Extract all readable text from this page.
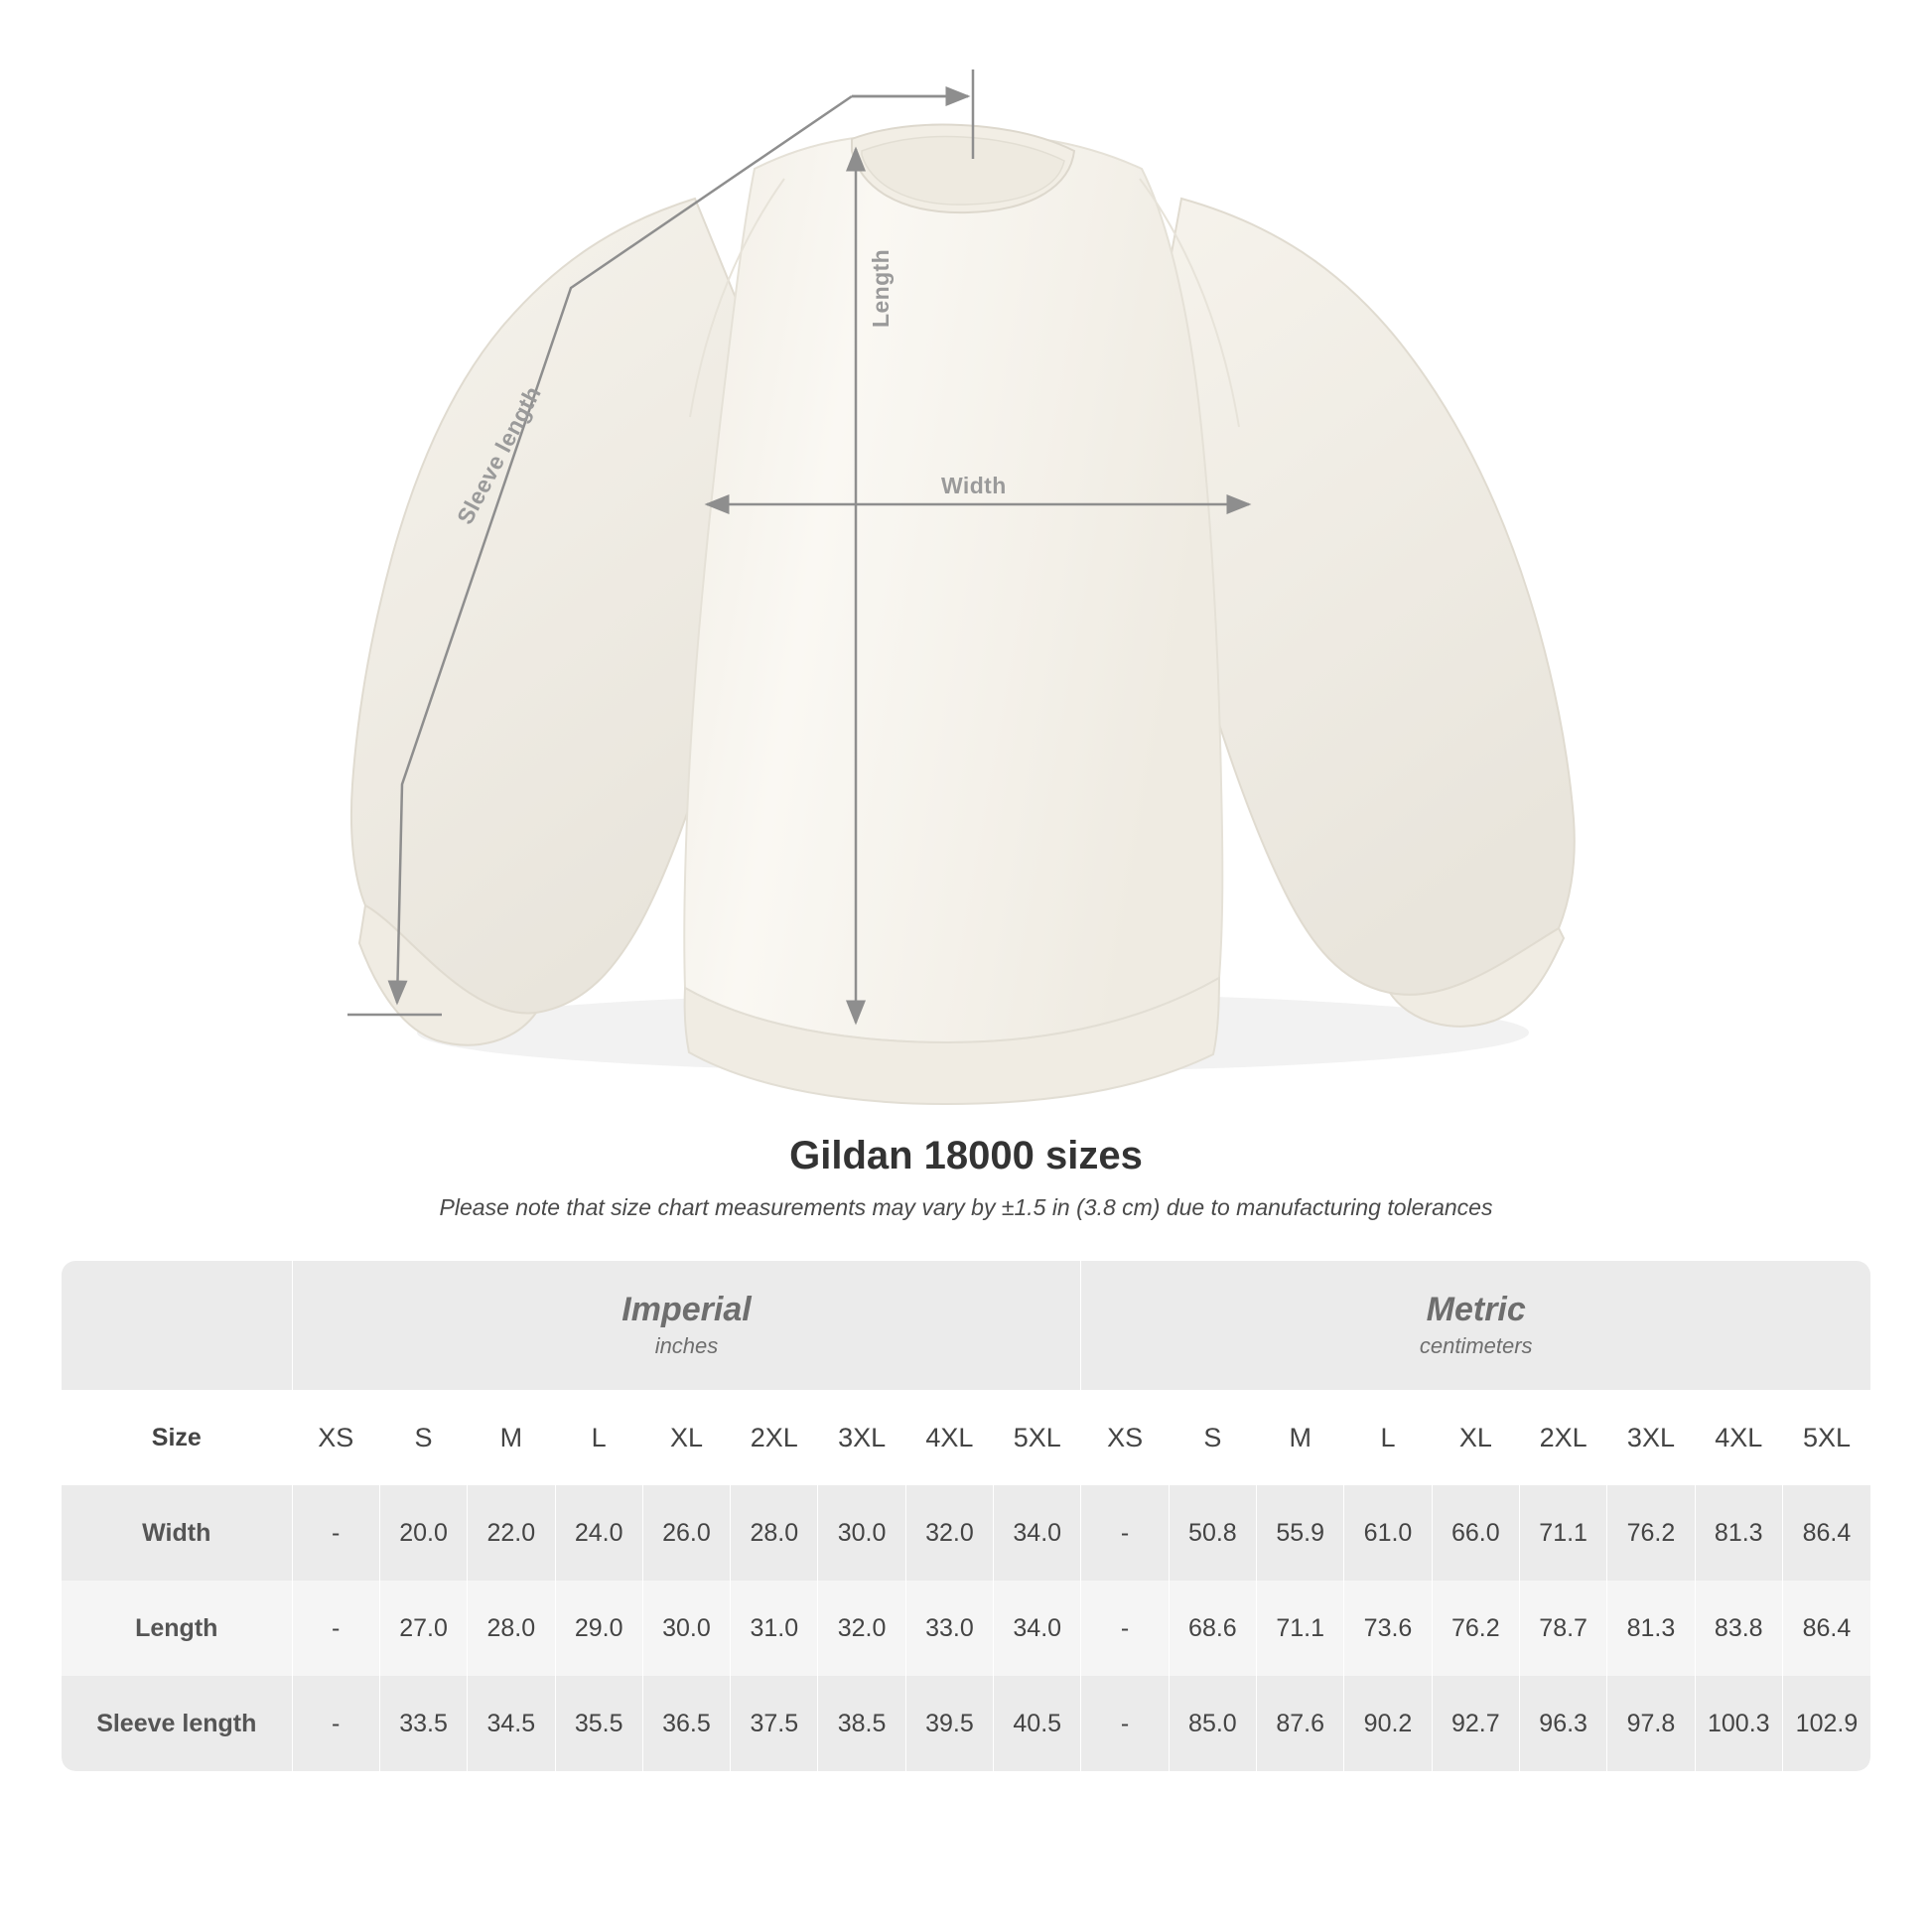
Length
Width
Sleeve length
Gildan 18000 sizes

Please note that size chart measurements may vary by ±1.5 in (3.8 cm) due to manufacturing tolerances

	Imperial
inches									Metric
centimeters								

Size	XS	S	M	L	XL	2XL	3XL	4XL	5XL	XS	S	M	L	XL	2XL	3XL	4XL	5XL
Width	-	20.0	22.0	24.0	26.0	28.0	30.0	32.0	34.0	-	50.8	55.9	61.0	66.0	71.1	76.2	81.3	86.4
Length	-	27.0	28.0	29.0	30.0	31.0	32.0	33.0	34.0	-	68.6	71.1	73.6	76.2	78.7	81.3	83.8	86.4
Sleeve length	-	33.5	34.5	35.5	36.5	37.5	38.5	39.5	40.5	-	85.0	87.6	90.2	92.7	96.3	97.8	100.3	102.9
